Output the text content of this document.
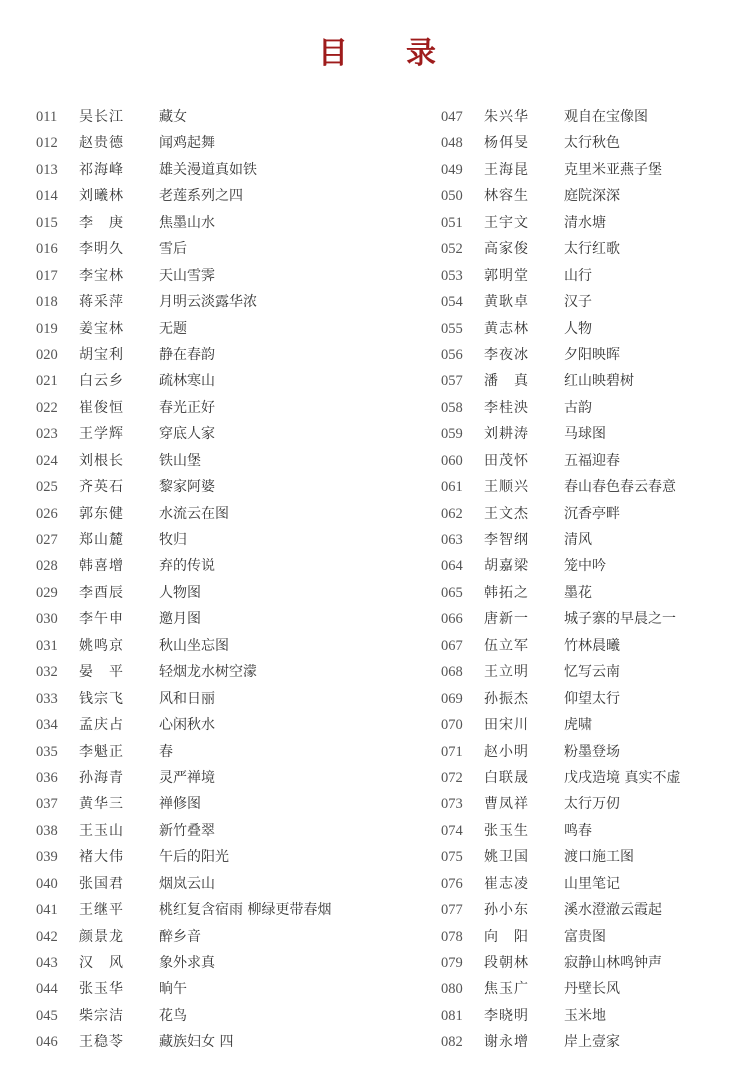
目 录
011	吴长江	藏女
012	赵贵德	闻鸡起舞
013	祁海峰	雄关漫道真如铁
014	刘曦林	老莲系列之四
015	李　庚	焦墨山水
016	李明久	雪后
017	李宝林	天山雪霁
018	蒋采萍	月明云淡露华浓
019	姜宝林	无题
020	胡宝利	静在春韵
021	白云乡	疏林寒山
022	崔俊恒	春光正好
023	王学辉	穿底人家
024	刘根长	铁山堡
025	齐英石	黎家阿婆
026	郭东健	水流云在图
027	郑山麓	牧归
028	韩喜增	弃的传说
029	李酉辰	人物图
030	李午申	邀月图
031	姚鸣京	秋山坐忘图
032	晏　平	轻烟龙水树空濛
033	钱宗飞	风和日丽
034	孟庆占	心闲秋水
035	李魁正	春
036	孙海青	灵严禅境
037	黄华三	禅修图
038	王玉山	新竹叠翠
039	褚大伟	午后的阳光
040	张国君	烟岚云山
041	王继平	桃红复含宿雨 柳绿更带春烟
042	颜景龙	醉乡音
043	汉　风	象外求真
044	张玉华	晌午
045	柴宗洁	花鸟
046	王稳苓	藏族妇女 四
047	朱兴华	观自在宝像图
048	杨佴旻	太行秋色
049	王海昆	克里米亚燕子堡
050	林容生	庭院深深
051	王宇文	清水塘
052	高家俊	太行红歌
053	郭明堂	山行
054	黄耿卓	汉子
055	黄志林	人物
056	李夜冰	夕阳映晖
057	潘　真	红山映碧树
058	李桂泱	古韵
059	刘耕涛	马球图
060	田茂怀	五福迎春
061	王顺兴	春山春色春云春意
062	王文杰	沉香亭畔
063	李智纲	清风
064	胡嘉梁	笼中吟
065	韩拓之	墨花
066	唐新一	城子寨的早晨之一
067	伍立军	竹林晨曦
068	王立明	忆写云南
069	孙振杰	仰望太行
070	田宋川	虎啸
071	赵小明	粉墨登场
072	白联晟	戊戌造境 真实不虚
073	曹凤祥	太行万仞
074	张玉生	鸣春
075	姚卫国	渡口施工图
076	崔志凌	山里笔记
077	孙小东	溪水澄澈云霞起
078	向　阳	富贵图
079	段朝林	寂静山林鸣钟声
080	焦玉广	丹壁长风
081	李晓明	玉米地
082	谢永增	岸上壹家
